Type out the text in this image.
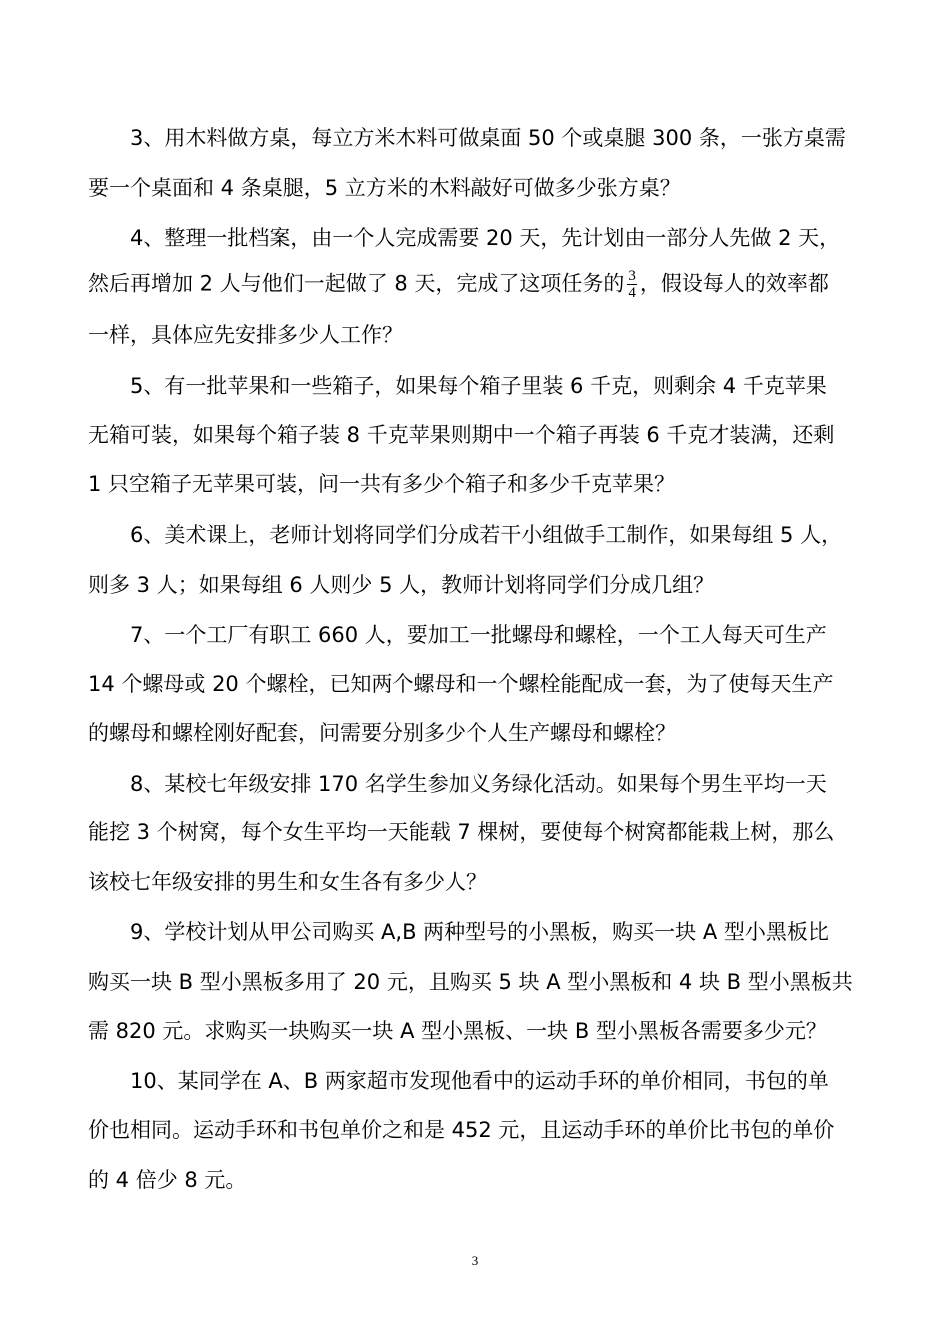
3、用木料做方桌，每立方米木料可做桌面 50 个或桌腿 300 条，一张方桌需
要一个桌面和 4 条桌腿，5 立方米的木料敲好可做多少张方桌？
4、整理一批档案，由一个人完成需要 20 天，先计划由一部分人先做 2 天，
然后再增加 2 人与他们一起做了 8 天，完成了这项任务的 $\frac{3}{4}$ ，假设每人的效率都
一样，具体应先安排多少人工作？
5、有一批苹果和一些箱子，如果每个箱子里装 6 千克，则剩余 4 千克苹果
无箱可装，如果每个箱子装 8 千克苹果则期中一个箱子再装 6 千克才装满，还剩
1 只空箱子无苹果可装，问一共有多少个箱子和多少千克苹果？
6、美术课上，老师计划将同学们分成若干小组做手工制作，如果每组 5 人，
则多 3 人；如果每组 6 人则少 5 人，教师计划将同学们分成几组？
7、一个工厂有职工 660 人，要加工一批螺母和螺栓，一个工人每天可生产
14 个螺母或 20 个螺栓，已知两个螺母和一个螺栓能配成一套，为了使每天生产
的螺母和螺栓刚好配套，问需要分别多少个人生产螺母和螺栓？
8、某校七年级安排 170 名学生参加义务绿化活动。如果每个男生平均一天
能挖 3 个树窝，每个女生平均一天能载 7 棵树，要使每个树窝都能栽上树，那么
该校七年级安排的男生和女生各有多少人？
9、学校计划从甲公司购买 A,B 两种型号的小黑板，购买一块 A 型小黑板比
购买一块 B 型小黑板多用了 20 元，且购买 5 块 A 型小黑板和 4 块 B 型小黑板共
需 820 元。求购买一块购买一块 A 型小黑板、一块 B 型小黑板各需要多少元？
10、某同学在 A、B 两家超市发现他看中的运动手环的单价相同，书包的单
价也相同。运动手环和书包单价之和是 452 元，且运动手环的单价比书包的单价
的 4 倍少 8 元。
3
